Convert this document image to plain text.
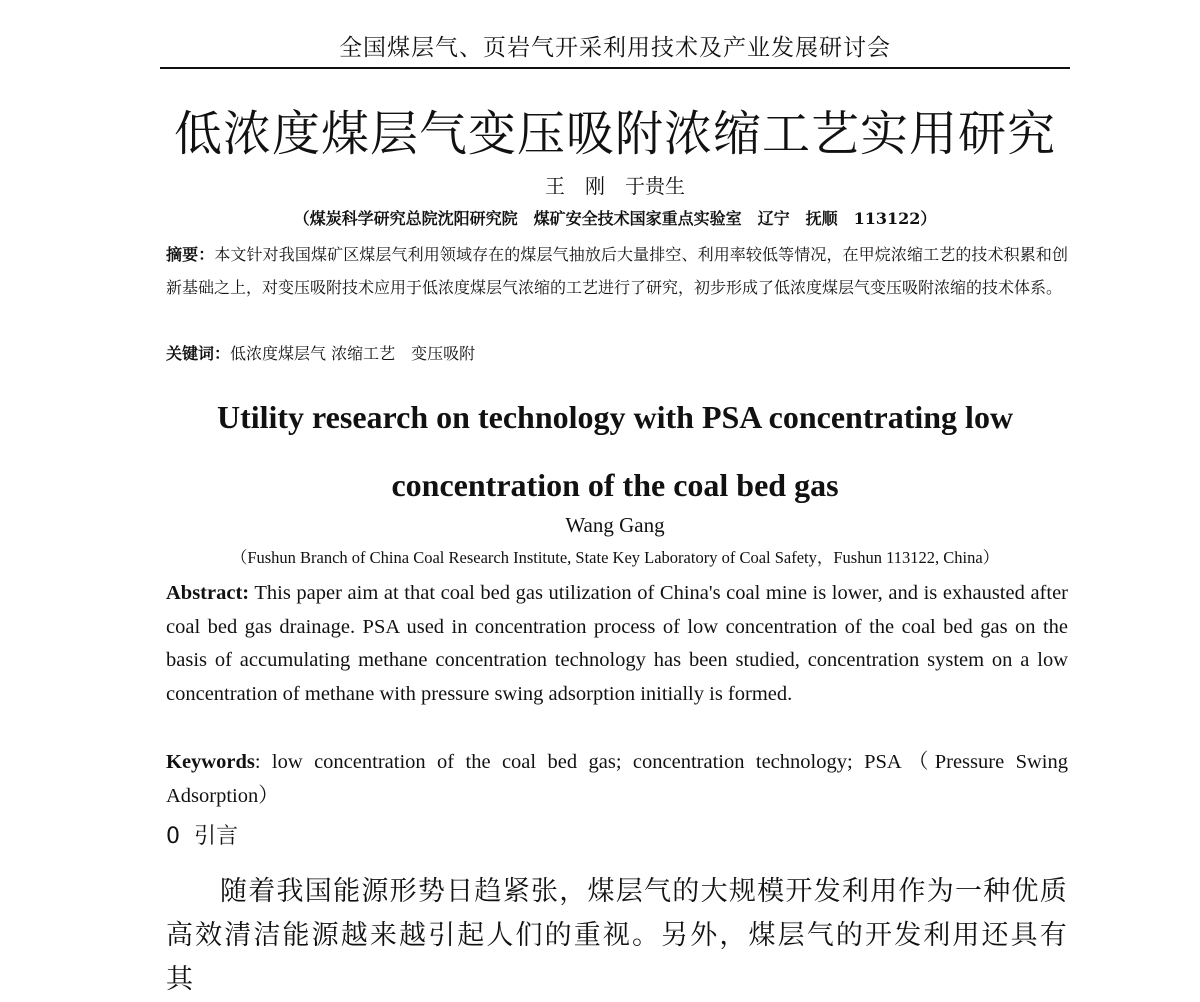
全国煤层气、页岩气开采利用技术及产业发展研讨会
低浓度煤层气变压吸附浓缩工艺实用研究
王　刚　于贵生
（煤炭科学研究总院沈阳研究院　煤矿安全技术国家重点实验室　辽宁　抚顺　113122）
摘要：本文针对我国煤矿区煤层气利用领域存在的煤层气抽放后大量排空、利用率较低等情况，在甲烷浓缩工艺的技术积累和创新基础之上，对变压吸附技术应用于低浓度煤层气浓缩的工艺进行了研究，初步形成了低浓度煤层气变压吸附浓缩的技术体系。
关键词：低浓度煤层气 浓缩工艺　变压吸附
Utility research on technology with PSA concentrating low concentration of the coal bed gas
Wang Gang
（Fushun Branch of China Coal Research Institute, State Key Laboratory of Coal Safety，Fushun 113122, China）
Abstract: This paper aim at that coal bed gas utilization of China's coal mine is lower, and is exhausted after coal bed gas drainage. PSA used in concentration process of low concentration of the coal bed gas on the basis of accumulating methane concentration technology has been studied, concentration system on a low concentration of methane with pressure swing adsorption initially is formed.
Keywords: low concentration of the coal bed gas; concentration technology; PSA（Pressure Swing Adsorption）
0  引言
随着我国能源形势日趋紧张，煤层气的大规模开发利用作为一种优质高效清洁能源越来越引起人们的重视。另外，煤层气的开发利用还具有其
